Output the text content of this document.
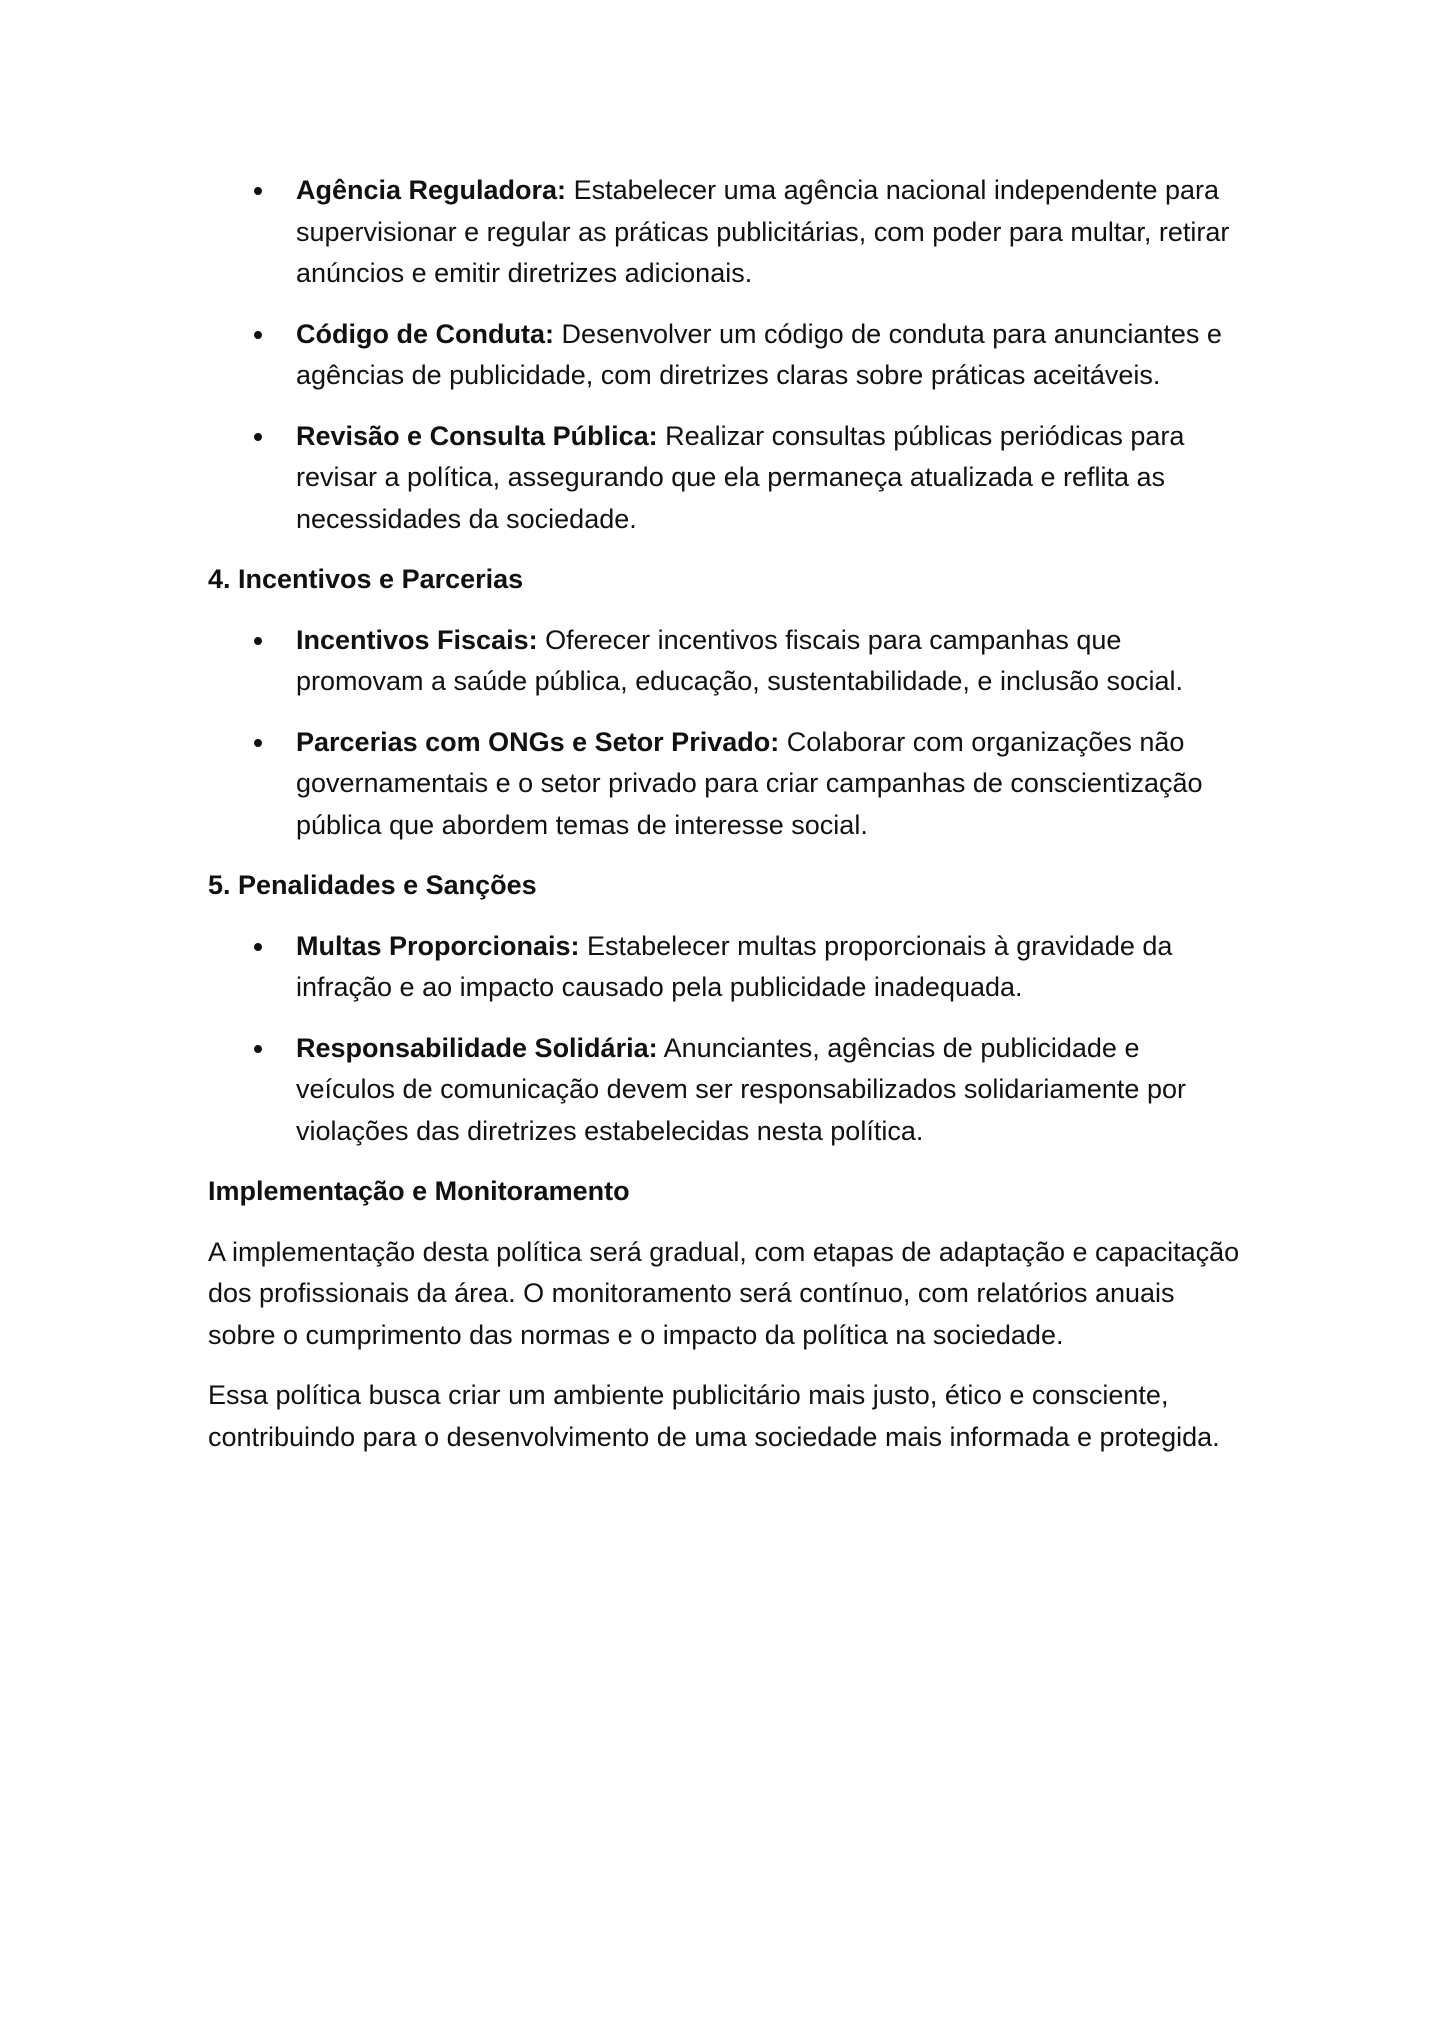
Agência Reguladora: Estabelecer uma agência nacional independente para supervisionar e regular as práticas publicitárias, com poder para multar, retirar anúncios e emitir diretrizes adicionais.
Código de Conduta: Desenvolver um código de conduta para anunciantes e agências de publicidade, com diretrizes claras sobre práticas aceitáveis.
Revisão e Consulta Pública: Realizar consultas públicas periódicas para revisar a política, assegurando que ela permaneça atualizada e reflita as necessidades da sociedade.
4. Incentivos e Parcerias
Incentivos Fiscais: Oferecer incentivos fiscais para campanhas que promovam a saúde pública, educação, sustentabilidade, e inclusão social.
Parcerias com ONGs e Setor Privado: Colaborar com organizações não governamentais e o setor privado para criar campanhas de conscientização pública que abordem temas de interesse social.
5. Penalidades e Sanções
Multas Proporcionais: Estabelecer multas proporcionais à gravidade da infração e ao impacto causado pela publicidade inadequada.
Responsabilidade Solidária: Anunciantes, agências de publicidade e veículos de comunicação devem ser responsabilizados solidariamente por violações das diretrizes estabelecidas nesta política.
Implementação e Monitoramento

A implementação desta política será gradual, com etapas de adaptação e capacitação dos profissionais da área. O monitoramento será contínuo, com relatórios anuais sobre o cumprimento das normas e o impacto da política na sociedade.

Essa política busca criar um ambiente publicitário mais justo, ético e consciente, contribuindo para o desenvolvimento de uma sociedade mais informada e protegida.
